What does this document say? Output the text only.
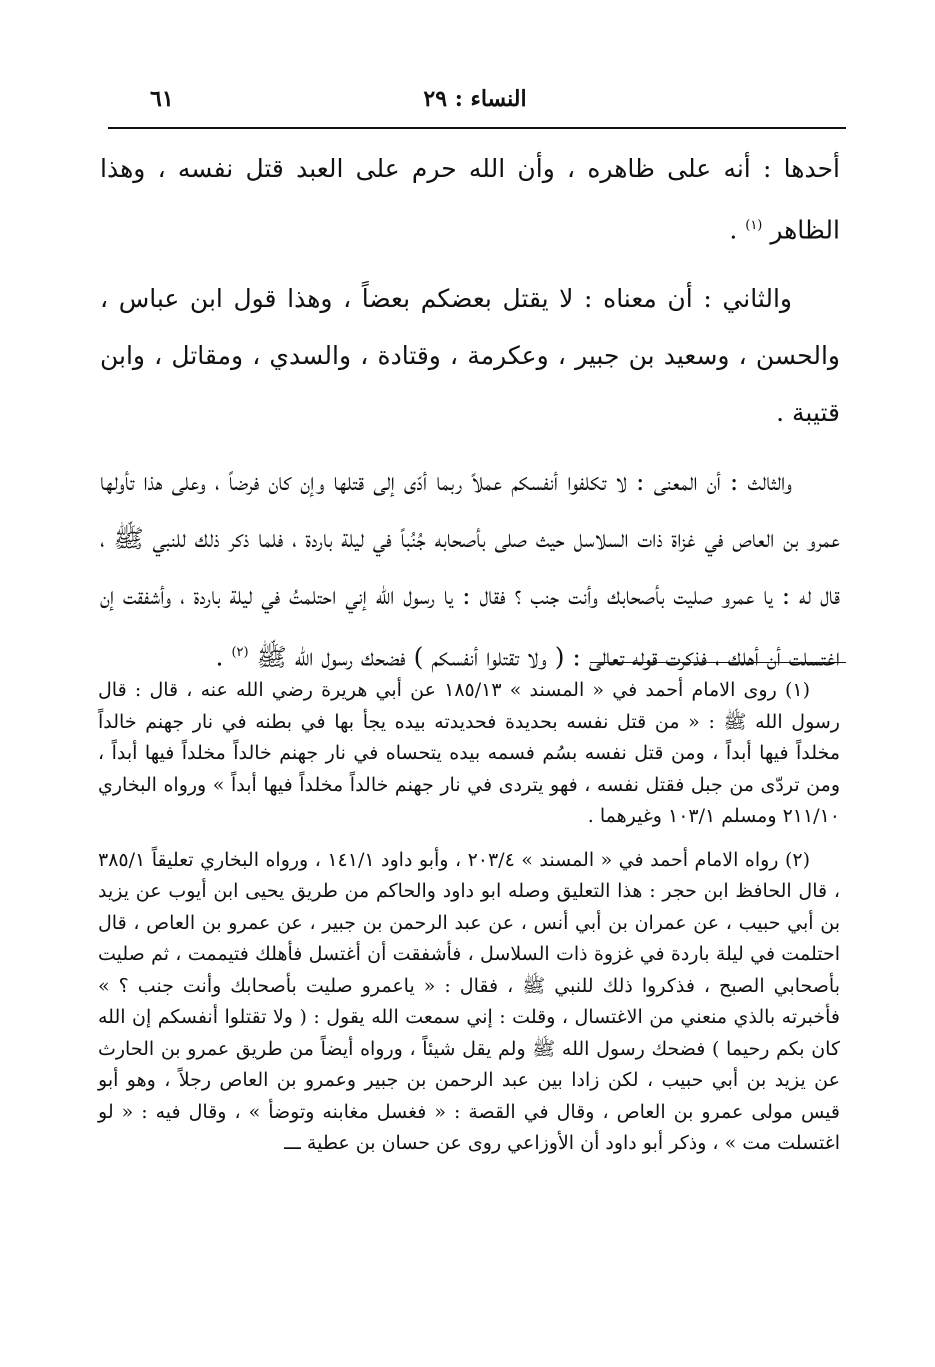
٦١	النساء : ٢٩

أحدها : أنه على ظاهره ، وأن الله حرم على العبد قتل نفسه ، وهذا الظاهر $^{(١)}$ .

والثاني : أن معناه : لا يقتل بعضكم بعضاً ، وهذا قول ابن عباس ، والحسن ، وسعيد بن جبير ، وعكرمة ، وقتادة ، والسدي ، ومقاتل ، وابن قتيبة .

والثالث : أن المعنى : لا تكلفوا أنفسكم عملاً ربما أدّى إلى قتلها وإن كان فرضاً ، وعلى هذا تأولها عمرو بن العاص في غزاة ذات السلاسل حيث صلى بأصحابه جُنُباً في ليلة باردة ، فلما ذكر ذلك للنبي ﷺ ، قال له : يا عمرو صليت بأصحابك وأنت جنب ؟ فقال : يا رسول الله إني احتلمتُ في ليلة باردة ، وأشفقت إن اغتسلت أن أهلك ، فذكرت قوله تعالى : ( ولا تقتلوا أنفسكم ) فضحك رسول الله ﷺ $^{(٢)}$ .

(١) روى الامام أحمد في « المسند » ١٨٥/١٣ عن أبي هريرة رضي الله عنه ، قال : قال رسول الله ﷺ : « من قتل نفسه بحديدة فحديدته بيده يجأ بها في بطنه في نار جهنم خالداً مخلداً فيها أبداً ، ومن قتل نفسه بسُم فسمه بيده يتحساه في نار جهنم خالداً مخلداً فيها أبداً ، ومن تردّى من جبل فقتل نفسه ، فهو يتردى في نار جهنم خالداً مخلداً فيها أبداً » ورواه البخاري ٢١١/١٠ ومسلم ١٠٣/١ وغيرهما .

(٢) رواه الامام أحمد في « المسند » ٢٠٣/٤ ، وأبو داود ١٤١/١ ، ورواه البخاري تعليقاً ٣٨٥/١ ، قال الحافظ ابن حجر : هذا التعليق وصله ابو داود والحاكم من طريق يحيى ابن أيوب عن يزيد بن أبي حبيب ، عن عمران بن أبي أنس ، عن عبد الرحمن بن جبير ، عن عمرو بن العاص ، قال احتلمت في ليلة باردة في غزوة ذات السلاسل ، فأشفقت أن أغتسل فأهلك فتيممت ، ثم صليت بأصحابي الصبح ، فذكروا ذلك للنبي ﷺ ، فقال : « ياعمرو صليت بأصحابك وأنت جنب ؟ » فأخبرته بالذي منعني من الاغتسال ، وقلت : إني سمعت الله يقول : ( ولا تقتلوا أنفسكم إن الله كان بكم رحيما ) فضحك رسول الله ﷺ ولم يقل شيئاً ، ورواه أيضاً من طريق عمرو بن الحارث عن يزيد بن أبي حبيب ، لكن زادا بين عبد الرحمن بن جبير وعمرو بن العاص رجلاً ، وهو أبو قيس مولى عمرو بن العاص ، وقال في القصة : « فغسل مغابنه وتوضأ » ، وقال فيه : « لو اغتسلت مت » ، وذكر أبو داود أن الأوزاعي روى عن حسان بن عطية ـــ
